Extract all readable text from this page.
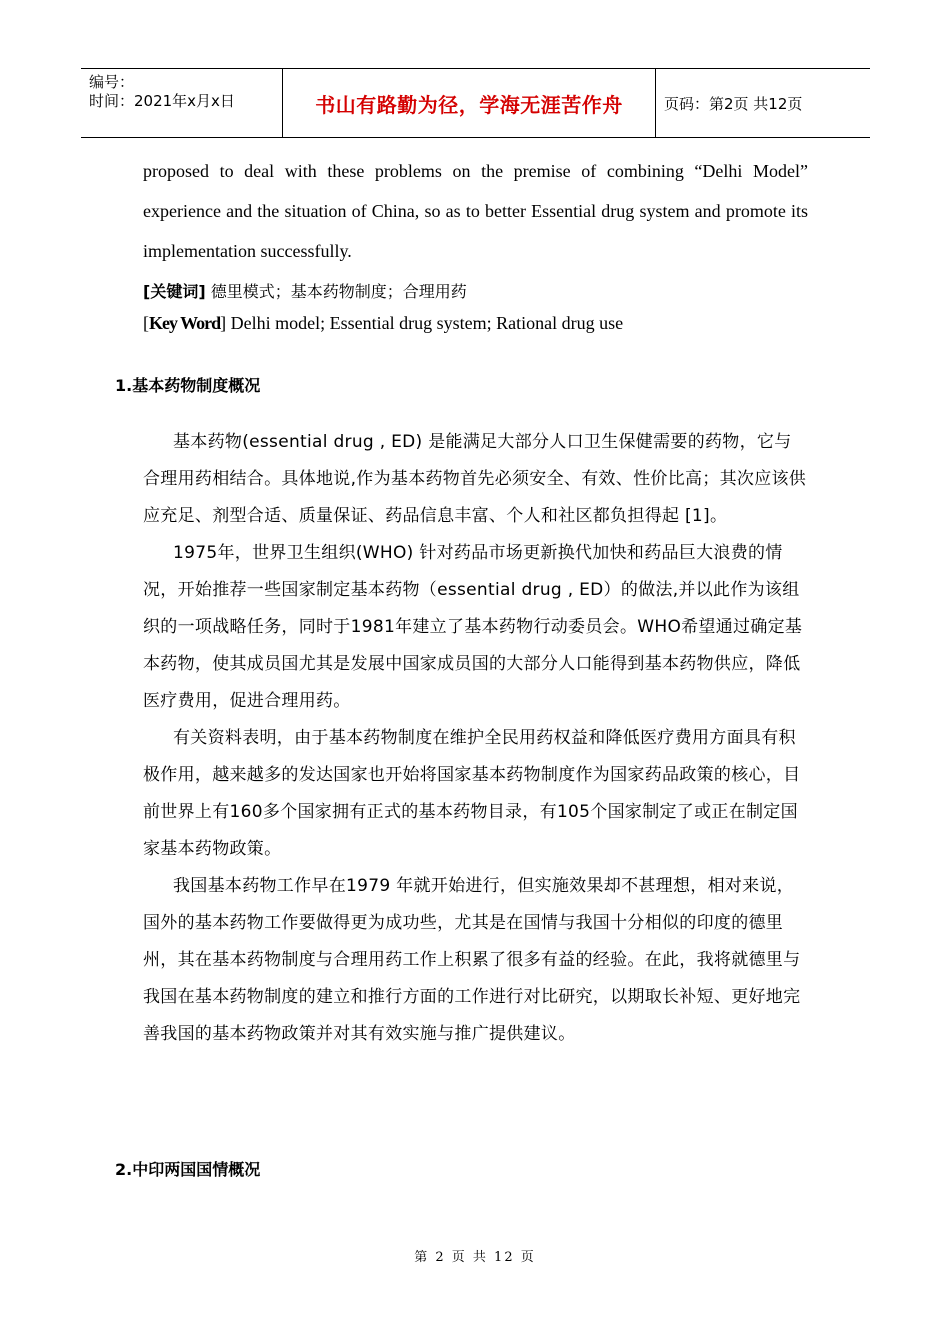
编号：
时间：2021年x月x日	书山有路勤为径，学海无涯苦作舟	页码：第2页 共12页
proposed to deal with these problems on the premise of combining “Delhi Model” experience and the situation of China, so as to better Essential drug system and promote its implementation successfully.
[关键词] 德里模式；基本药物制度；合理用药
[Key Word] Delhi model; Essential drug system; Rational drug use
1.基本药物制度概况

基本药物(essential drug , ED) 是能满足大部分人口卫生保健需要的药物，它与合理用药相结合。具体地说,作为基本药物首先必须安全、有效、性价比高；其次应该供应充足、剂型合适、质量保证、药品信息丰富、个人和社区都负担得起 [1]。

1975年，世界卫生组织(WHO) 针对药品市场更新换代加快和药品巨大浪费的情况，开始推荐一些国家制定基本药物（essential drug , ED）的做法,并以此作为该组织的一项战略任务，同时于1981年建立了基本药物行动委员会。WHO希望通过确定基本药物，使其成员国尤其是发展中国家成员国的大部分人口能得到基本药物供应，降低医疗费用，促进合理用药。

有关资料表明，由于基本药物制度在维护全民用药权益和降低医疗费用方面具有积极作用，越来越多的发达国家也开始将国家基本药物制度作为国家药品政策的核心，目前世界上有160多个国家拥有正式的基本药物目录，有105个国家制定了或正在制定国家基本药物政策。

我国基本药物工作早在1979 年就开始进行，但实施效果却不甚理想，相对来说，国外的基本药物工作要做得更为成功些，尤其是在国情与我国十分相似的印度的德里州，其在基本药物制度与合理用药工作上积累了很多有益的经验。在此，我将就德里与我国在基本药物制度的建立和推行方面的工作进行对比研究，以期取长补短、更好地完善我国的基本药物政策并对其有效实施与推广提供建议。

2.中印两国国情概况
第 2 页 共 12 页
